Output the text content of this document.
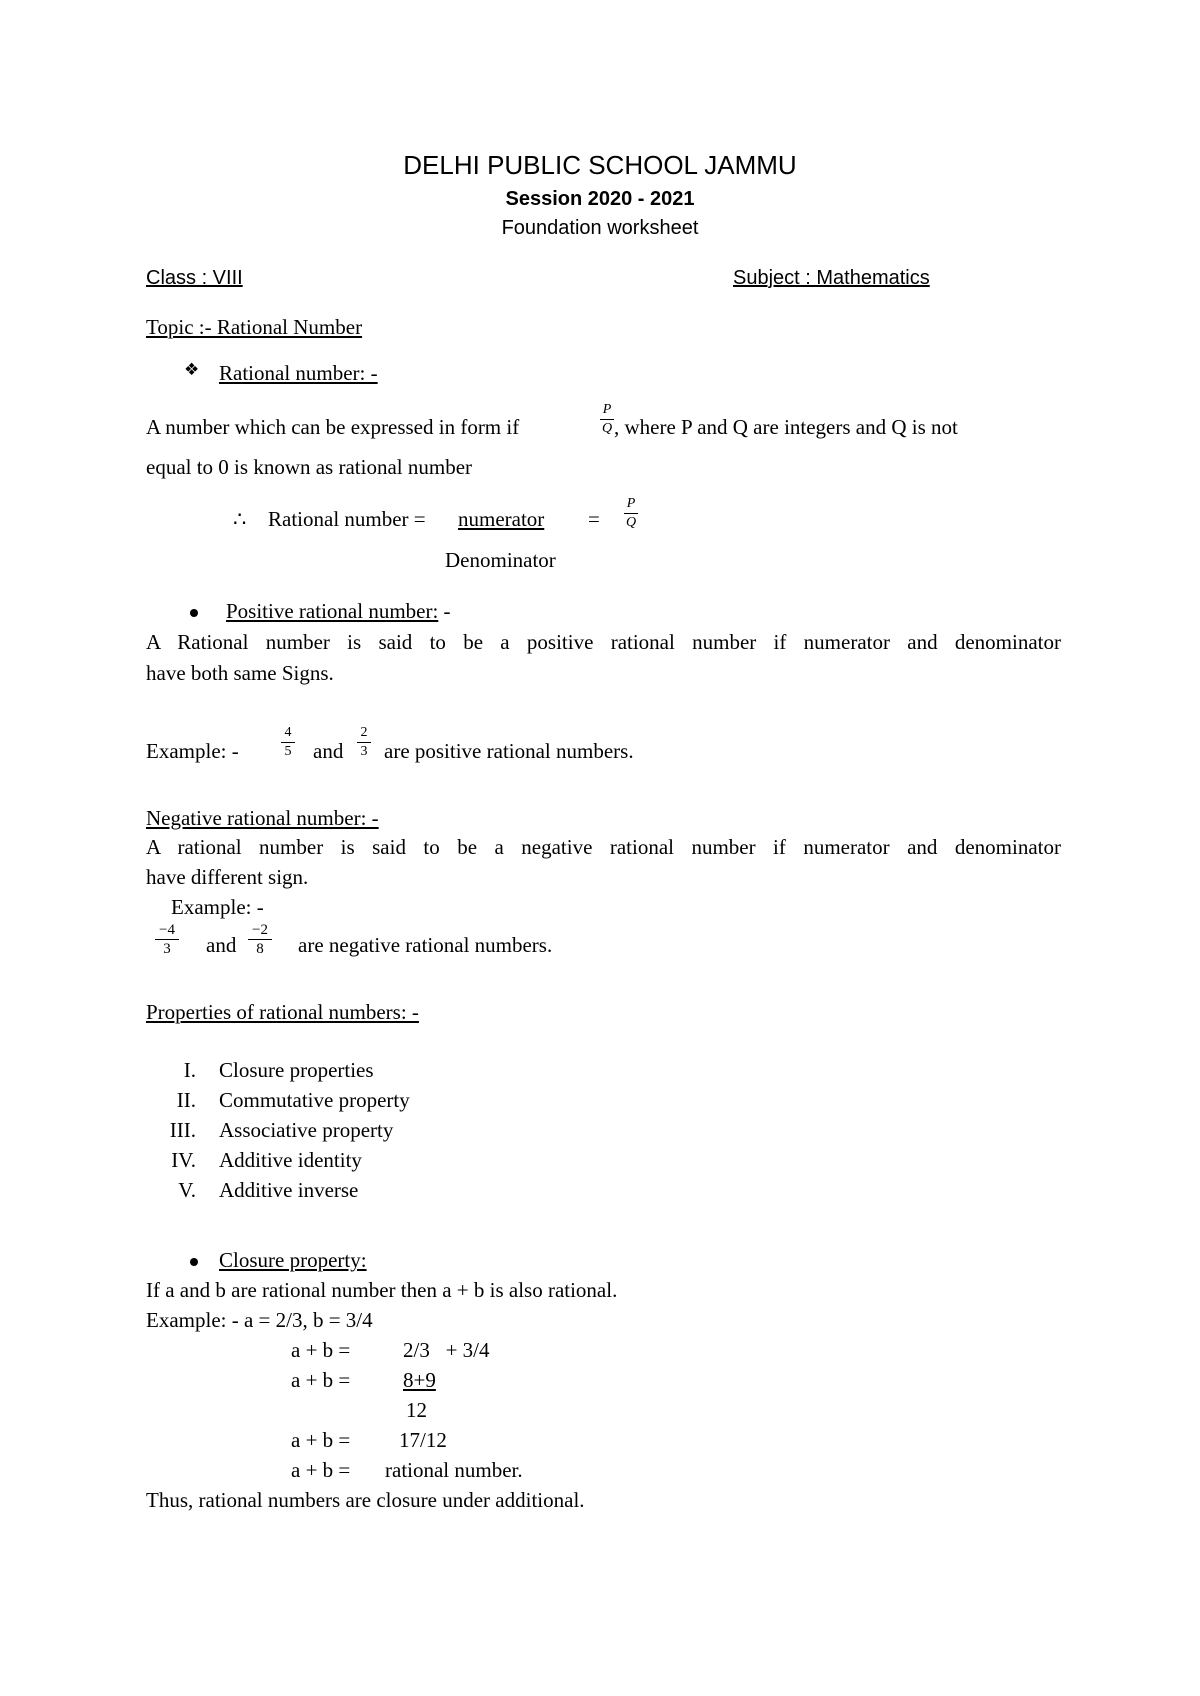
DELHI PUBLIC SCHOOL JAMMU
Session 2020 - 2021
Foundation worksheet
Class : VIII	Subject : Mathematics
Topic :- Rational Number
❖ Rational number: -
A number which can be expressed in form if
P
Q , where P and Q are integers and Q is not
equal to 0 is known as rational number
∴ Rational number = numerator =
P
Q
Denominator
Positive rational number: -
A Rational number is said to be a positive rational number if numerator and denominator
have both same Signs.
Example: -
4
5 and
2
3 are positive rational numbers.
Negative rational number: -
A rational number is said to be a negative rational number if numerator and denominator
have different sign.
Example: -
−4
3	and
−2
8	are negative rational numbers.
Properties of rational numbers: -
I. Closure properties
II. Commutative property
III. Associative property
IV. Additive identity
V. Additive inverse
Closure property:
If a and b are rational number then a + b is also rational.
Example: - a = 2/3, b = 3/4
a + b =	2/3   + 3/4
a + b =	8+9
12
a + b = 17/12
a + b = rational number.
Thus, rational numbers are closure under additional.
